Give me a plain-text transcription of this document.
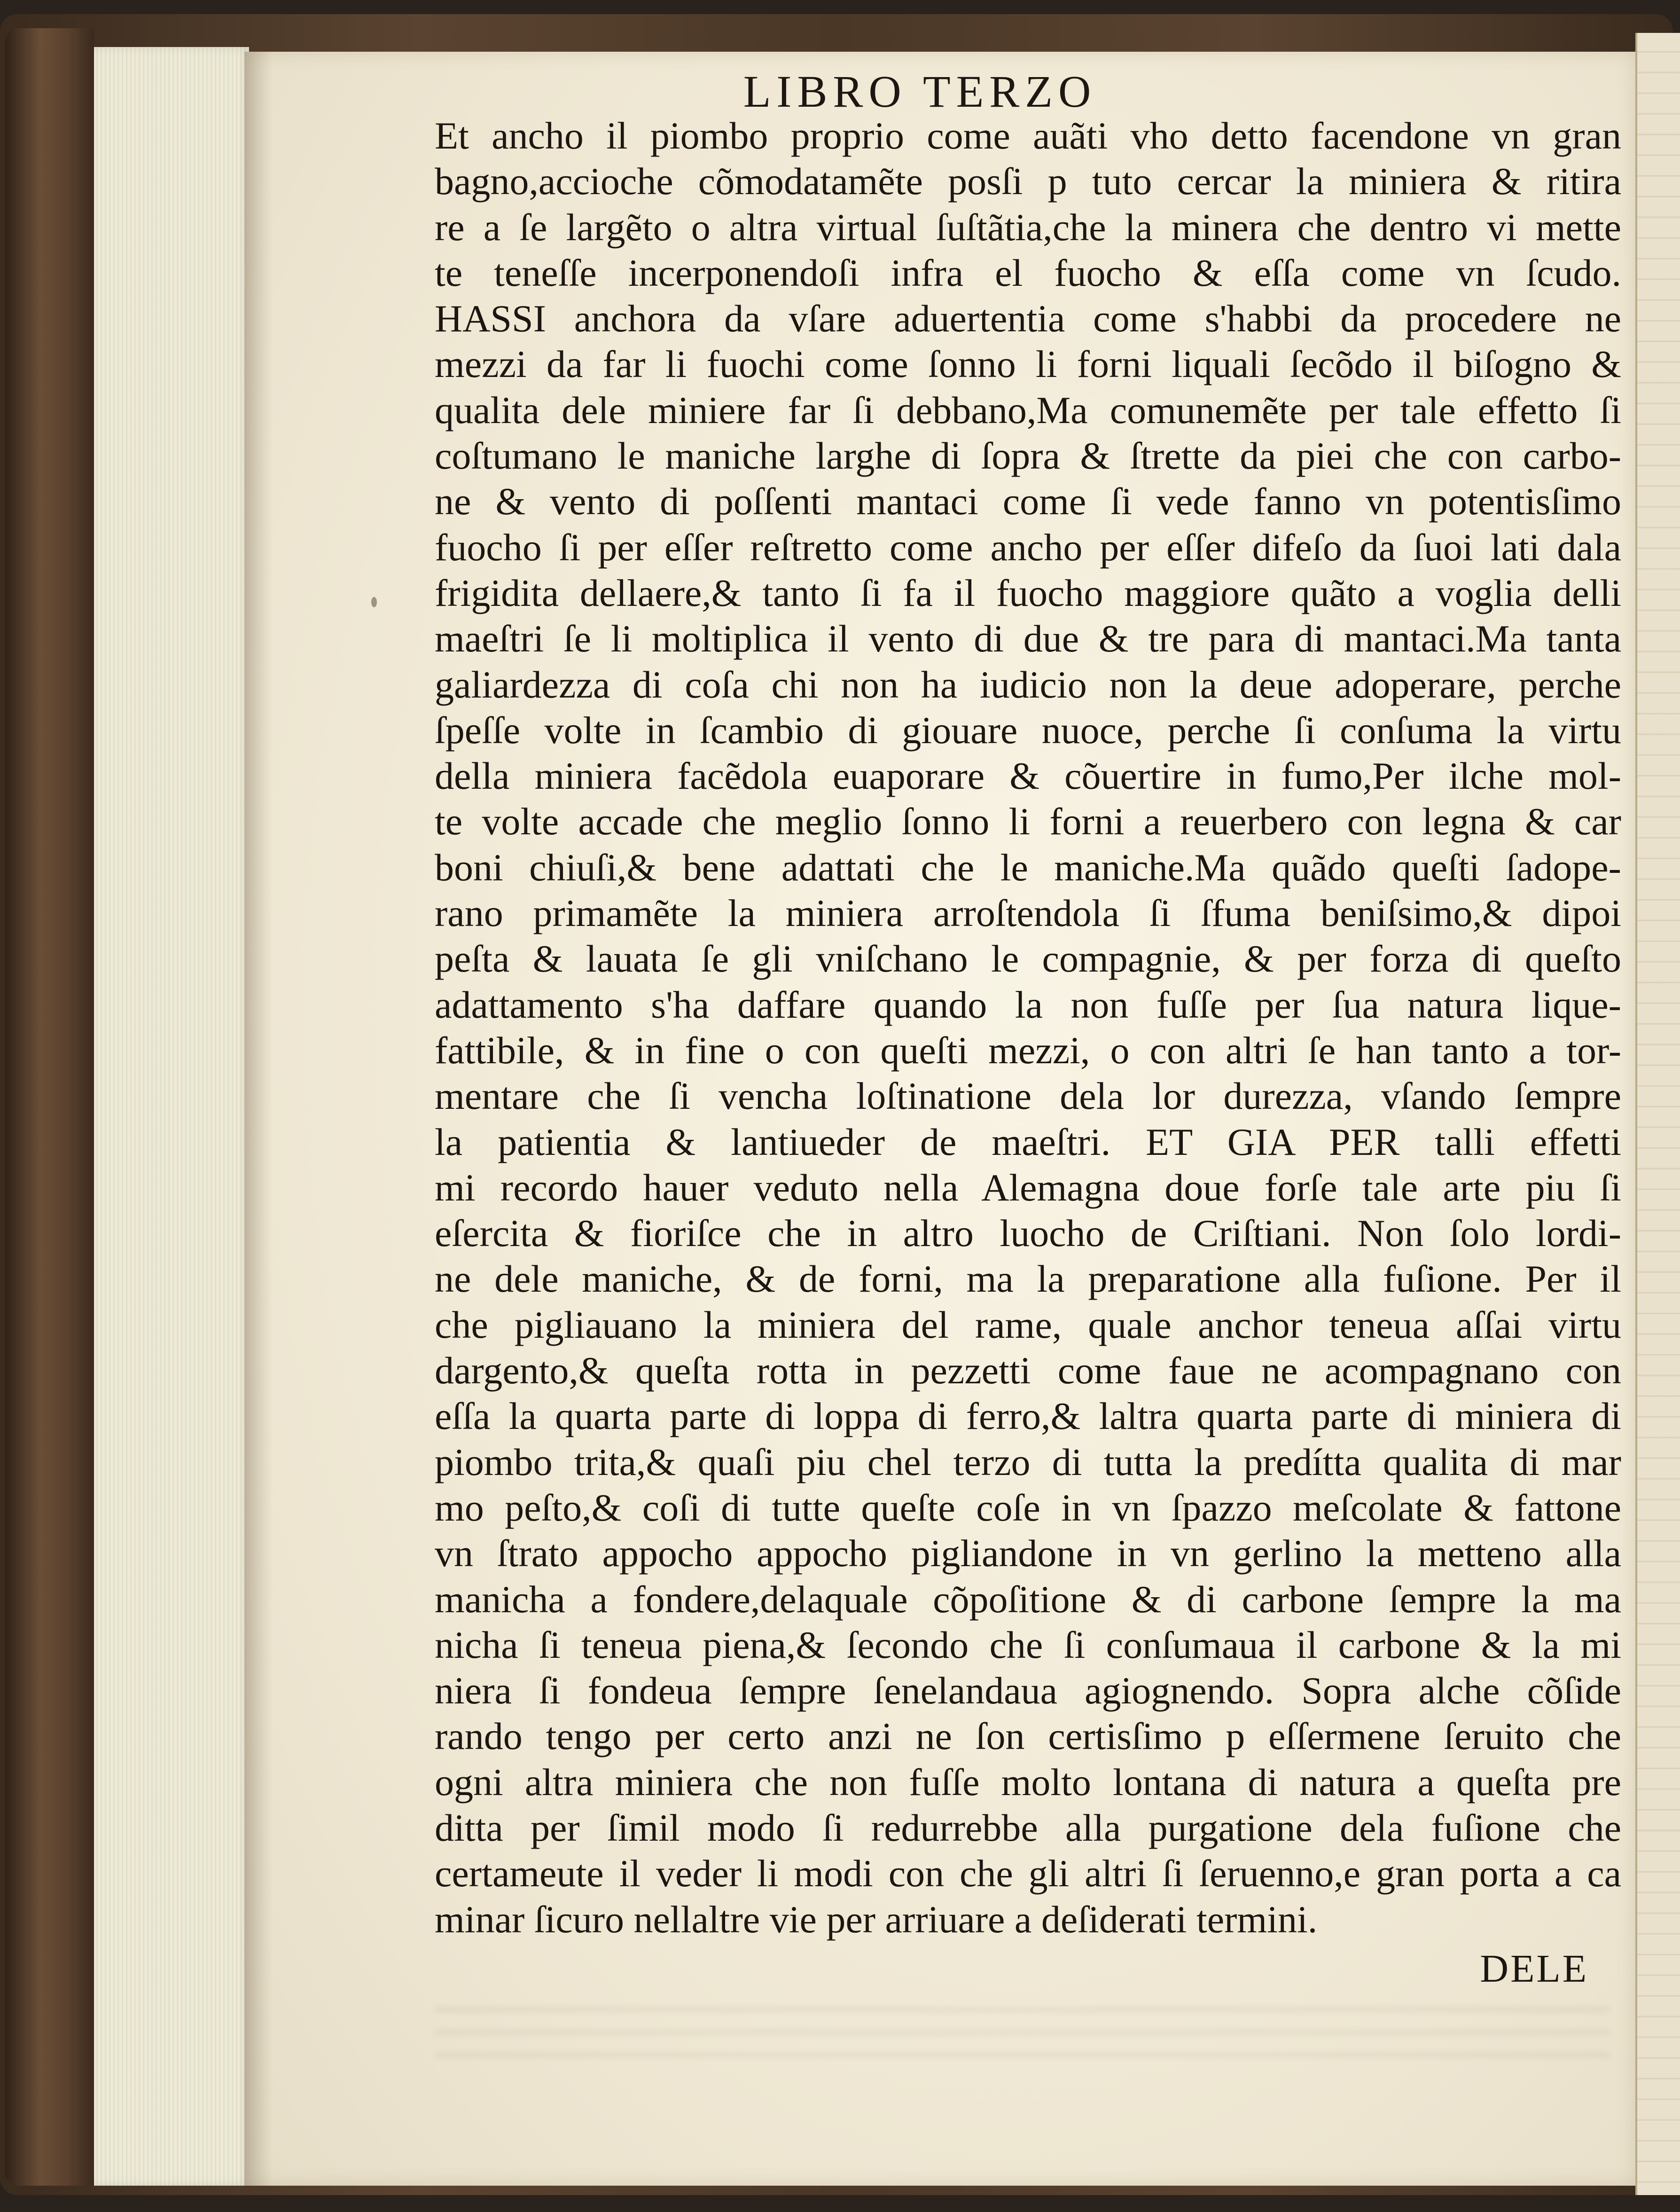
LIBRO TERZO
Et ancho il piombo proprio come auãti vho detto facendone vn gran
bagno,accioche cõmodatamẽte posſi p tuto cercar la miniera & ritira
re a ſe largẽto o altra virtual ſuſtãtia,che la minera che dentro vi mette
te teneſſe incerponendoſi infra el fuocho & eſſa come vn ſcudo.
HASSI anchora da vſare aduertentia come s'habbi da procedere ne
mezzi da far li fuochi come ſonno li forni liquali ſecõdo il biſogno &
qualita dele miniere far ſi debbano,Ma comunemẽte per tale effetto ſi
coſtumano le maniche larghe di ſopra & ſtrette da piei che con carbo-
ne & vento di poſſenti mantaci come ſi vede fanno vn potentisſimo
fuocho ſi per eſſer reſtretto come ancho per eſſer difeſo da ſuoi lati dala
frigidita dellaere,& tanto ſi fa il fuocho maggiore quãto a voglia delli
maeſtri ſe li moltiplica il vento di due & tre para di mantaci.Ma tanta
galiardezza di coſa chi non ha iudicio non la deue adoperare, perche
ſpeſſe volte in ſcambio di giouare nuoce, perche ſi conſuma la virtu
della miniera facẽdola euaporare & cõuertire in fumo,Per ilche mol-
te volte accade che meglio ſonno li forni a reuerbero con legna & car
boni chiuſi,& bene adattati che le maniche.Ma quãdo queſti ſadope-
rano primamẽte la miniera arroſtendola ſi ſfuma beniſsimo,& dipoi
peſta & lauata ſe gli vniſchano le compagnie, & per forza di queſto
adattamento s'ha daffare quando la non fuſſe per ſua natura lique-
fattibile, & in fine o con queſti mezzi, o con altri ſe han tanto a tor-
mentare che ſi vencha loſtinatione dela lor durezza, vſando ſempre
la patientia & lantiueder de maeſtri. ET GIA PER talli effetti
mi recordo hauer veduto nella Alemagna doue forſe tale arte piu ſi
eſercita & fioriſce che in altro luocho de Criſtiani. Non ſolo lordi-
ne dele maniche, & de forni, ma la preparatione alla fuſione. Per il
che pigliauano la miniera del rame, quale anchor teneua aſſai virtu
dargento,& queſta rotta in pezzetti come faue ne acompagnano con
eſſa la quarta parte di loppa di ferro,& laltra quarta parte di miniera di
piombo trita,& quaſi piu chel terzo di tutta la predítta qualita di mar
mo peſto,& coſi di tutte queſte coſe in vn ſpazzo meſcolate & fattone
vn ſtrato appocho appocho pigliandone in vn gerlino la metteno alla
manicha a fondere,delaquale cõpoſitione & di carbone ſempre la ma
nicha ſi teneua piena,& ſecondo che ſi conſumaua il carbone & la mi
niera ſi fondeua ſempre ſenelandaua agiognendo. Sopra alche cõſide
rando tengo per certo anzi ne ſon certisſimo p eſſermene ſeruito che
ogni altra miniera che non fuſſe molto lontana di natura a queſta pre
ditta per ſimil modo ſi redurrebbe alla purgatione dela fuſione che
certameute il veder li modi con che gli altri ſi ſeruenno,e gran porta a ca
minar ſicuro nellaltre vie per arriuare a deſiderati termini.
DELE
